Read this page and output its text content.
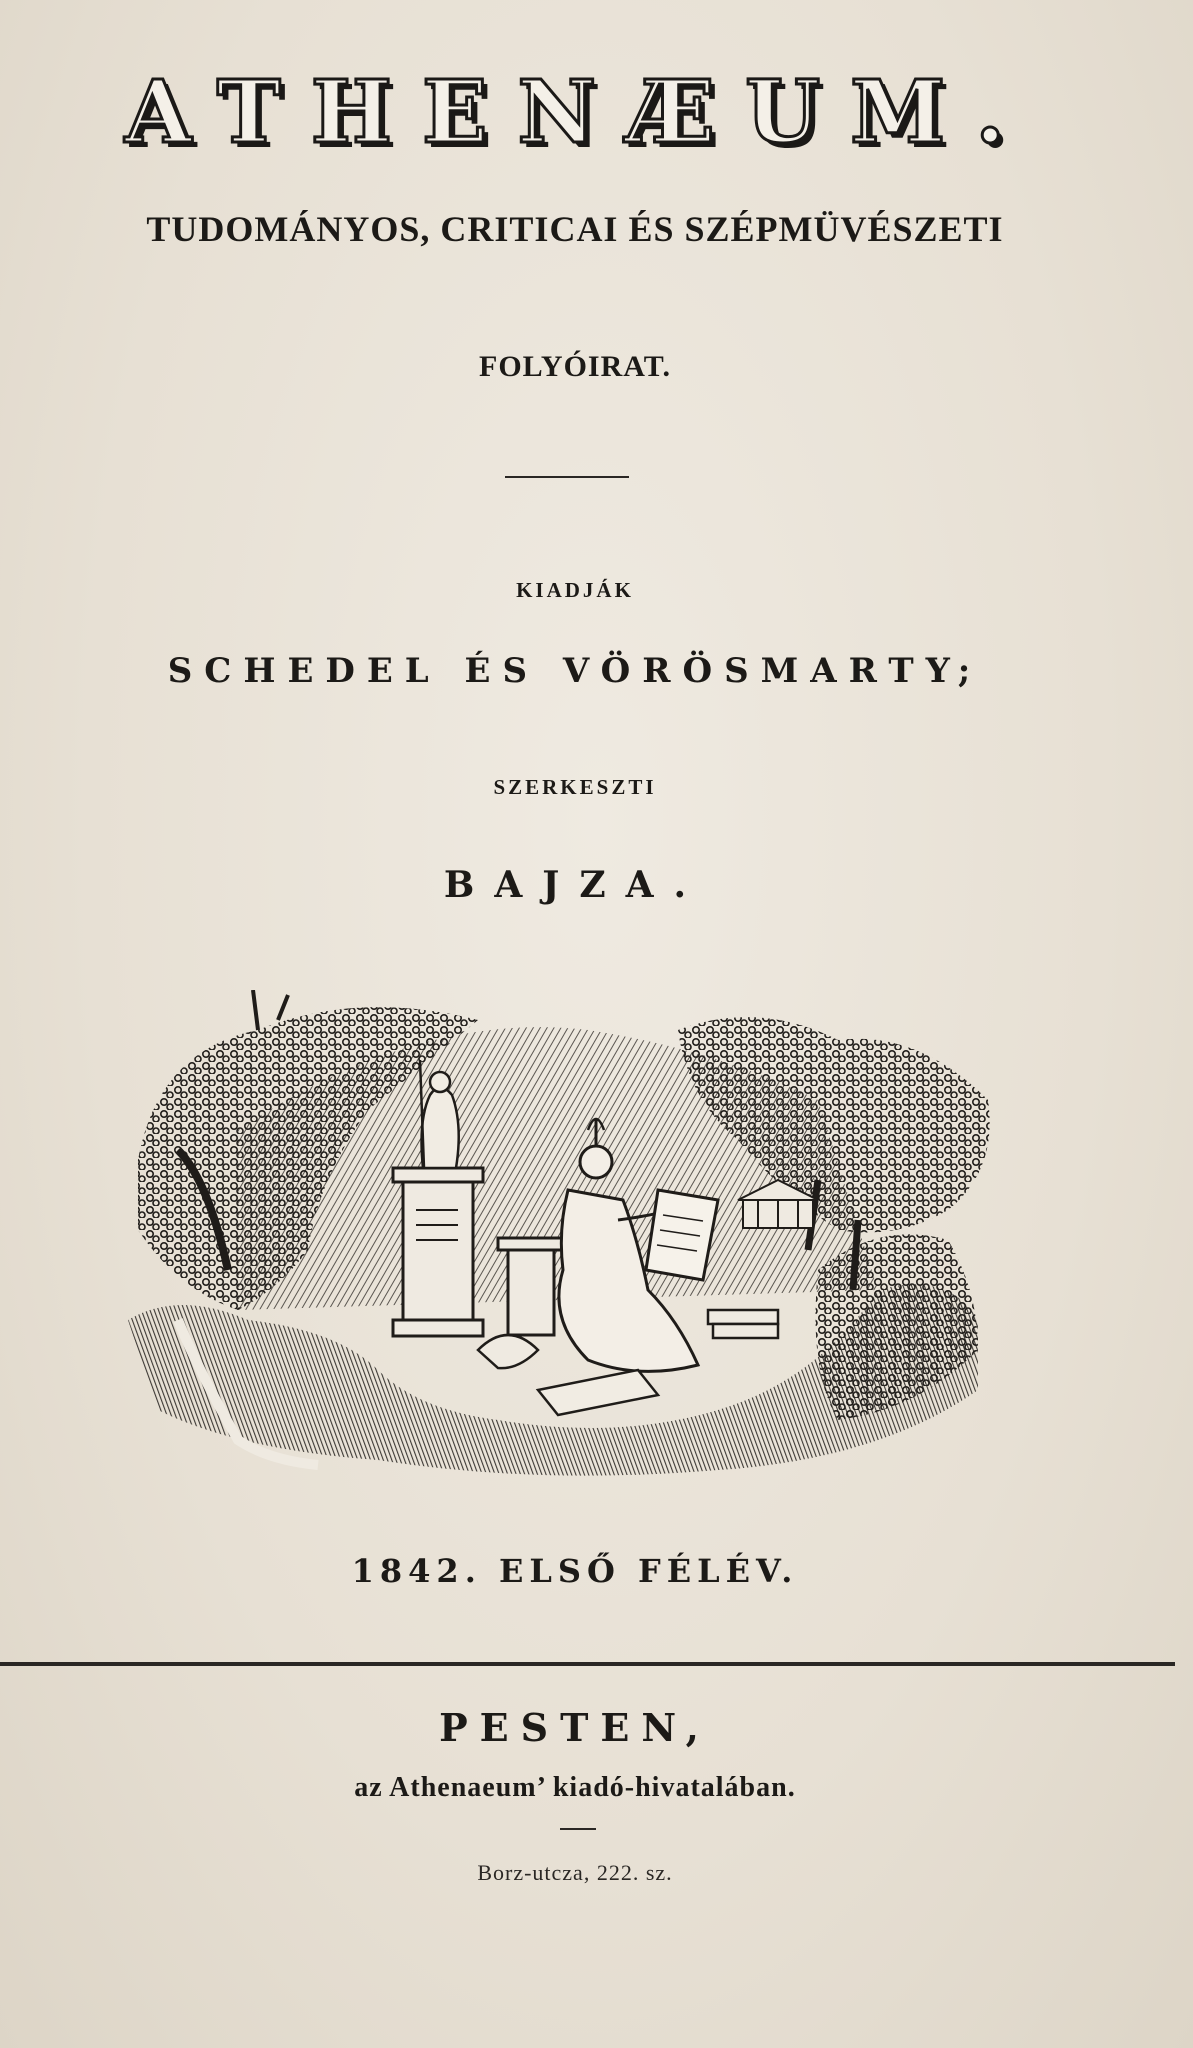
ATHENÆUM.
TUDOMÁNYOS, CRITICAI ÉS SZÉPMÜVÉSZETI
FOLYÓIRAT.
KIADJÁK
SCHEDEL ÉS VÖRÖSMARTY;
SZERKESZTI
BAJZA.
1842. ELSŐ FÉLÉV.
PESTEN,
az Athenaeum’ kiadó-hivatalában.
Borz-utcza, 222. sz.
